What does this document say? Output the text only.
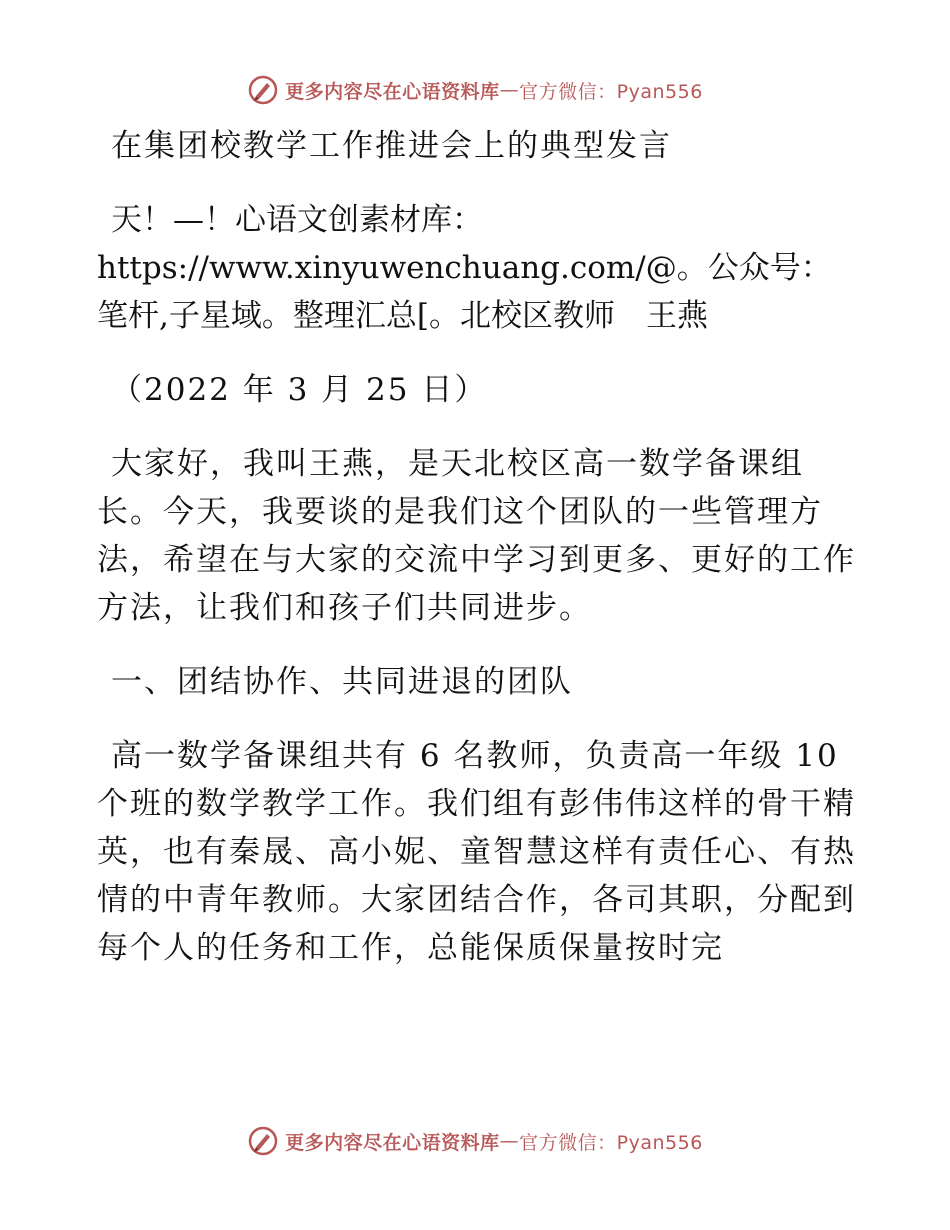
更多内容尽在心语资料库 — 官方微信：Pyan556

在集团校教学工作推进会上的典型发言

天！—！心语文创素材库：https://www.xinyuwenchuang.com/@。公众号：笔杆,子星域。整理汇总[。北校区教师　王燕

（2022 年 3 月 25 日）

大家好，我叫王燕，是天北校区高一数学备课组长。今天，我要谈的是我们这个团队的一些管理方法，希望在与大家的交流中学习到更多、更好的工作方法，让我们和孩子们共同进步。

一、团结协作、共同进退的团队

高一数学备课组共有 6 名教师，负责高一年级 10 个班的数学教学工作。我们组有彭伟伟这样的骨干精英，也有秦晟、高小妮、童智慧这样有责任心、有热情的中青年教师。大家团结合作，各司其职，分配到每个人的任务和工作，总能保质保量按时完

更多内容尽在心语资料库 — 官方微信：Pyan556
